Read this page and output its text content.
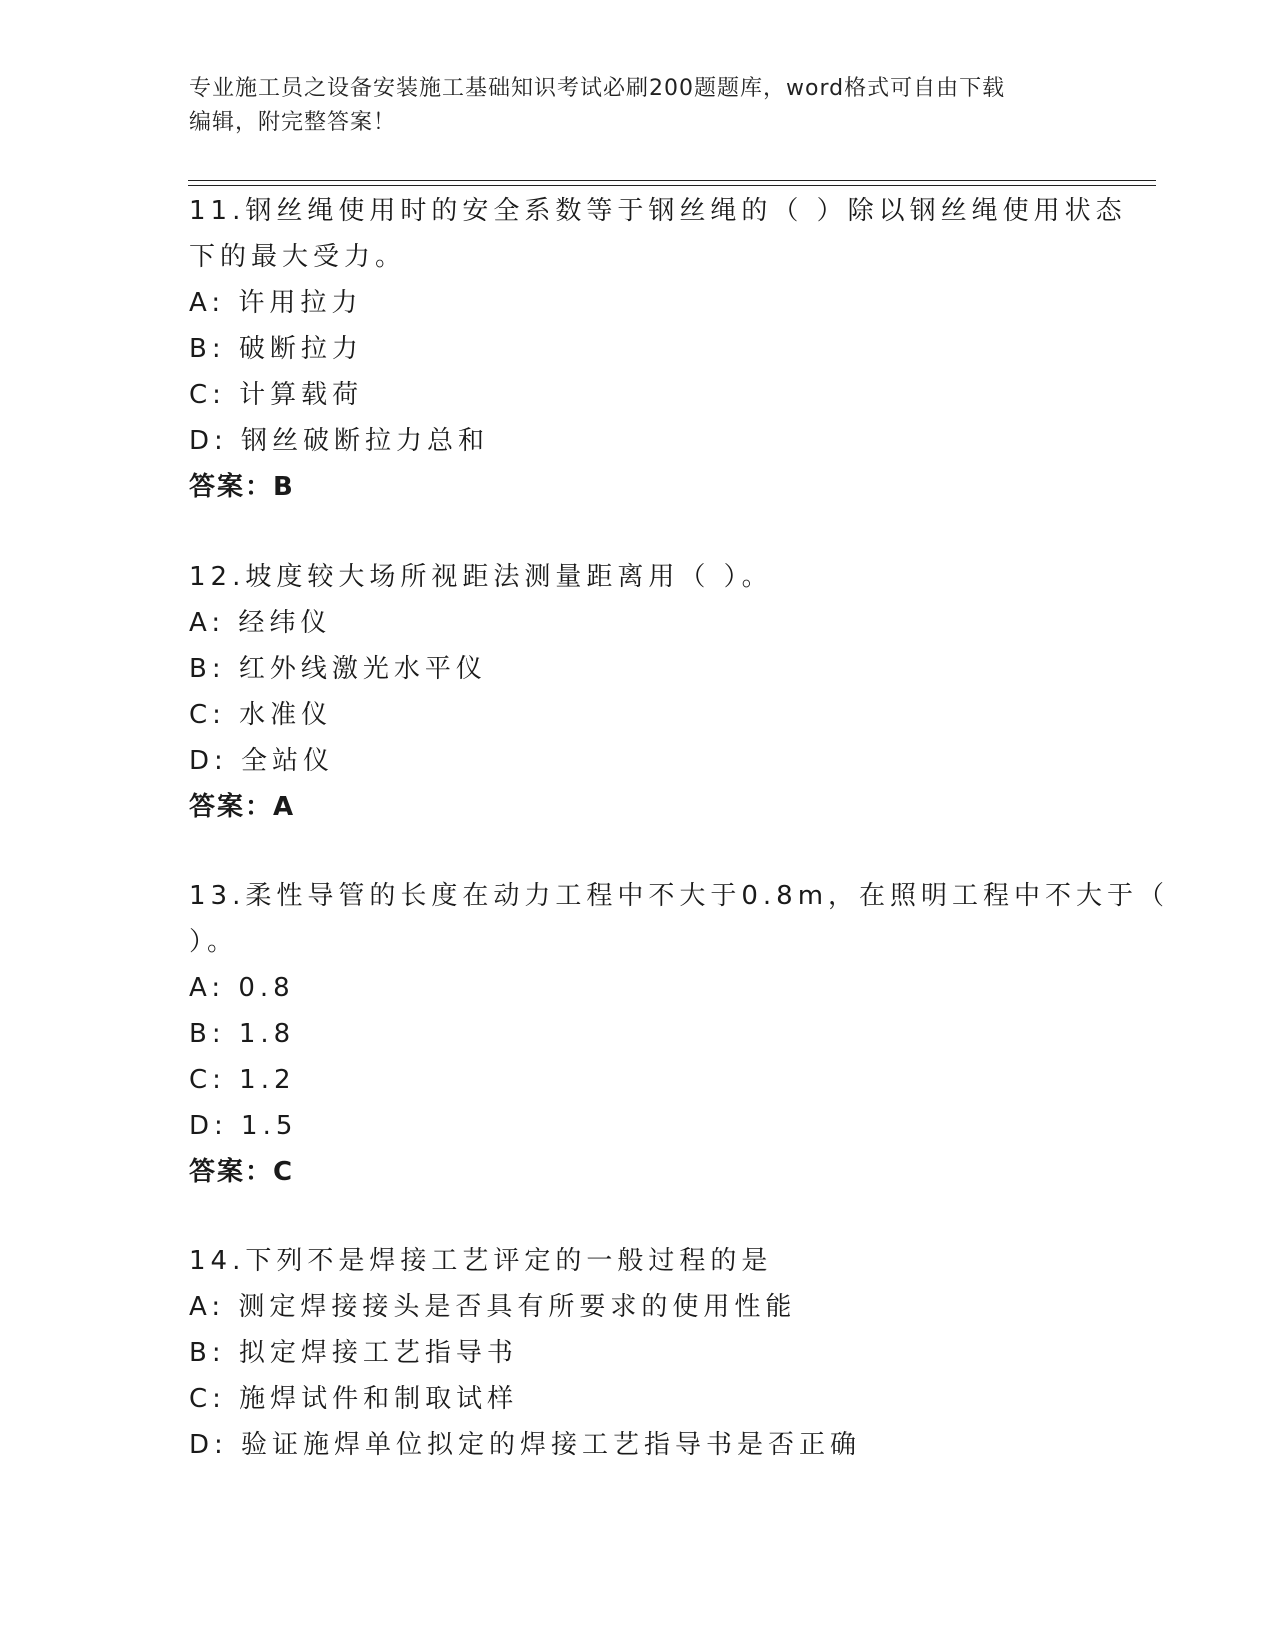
专业施工员之设备安装施工基础知识考试必刷200题题库，word格式可自由下载
编辑，附完整答案！
11.钢丝绳使用时的安全系数等于钢丝绳的（ ）除以钢丝绳使用状态
下的最大受力。
A: 许用拉力
B: 破断拉力
C: 计算载荷
D: 钢丝破断拉力总和
答案：B
12.坡度较大场所视距法测量距离用（ ）。
A: 经纬仪
B: 红外线激光水平仪
C: 水准仪
D: 全站仪
答案：A
13.柔性导管的长度在动力工程中不大于0.8m，在照明工程中不大于（
）。
A: 0.8
B: 1.8
C: 1.2
D: 1.5
答案：C
14.下列不是焊接工艺评定的一般过程的是
A: 测定焊接接头是否具有所要求的使用性能
B: 拟定焊接工艺指导书
C: 施焊试件和制取试样
D: 验证施焊单位拟定的焊接工艺指导书是否正确
